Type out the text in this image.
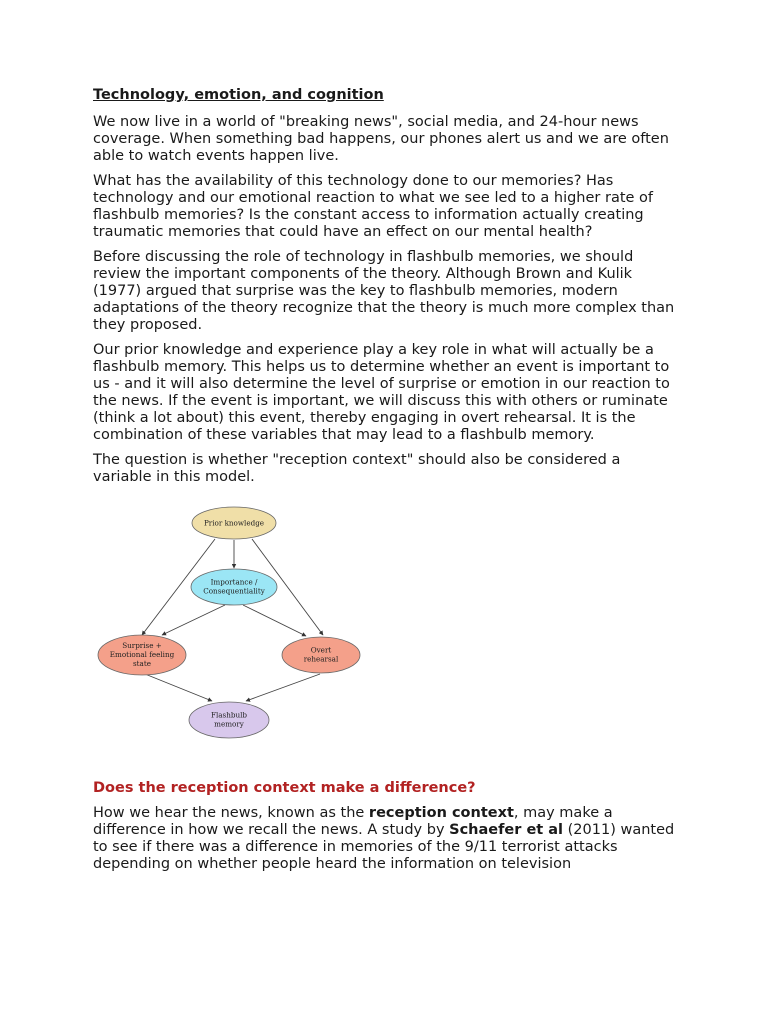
Technology, emotion, and cognition

We now live in a world of "breaking news", social media, and 24-hour news coverage. When something bad happens, our phones alert us and we are often able to watch events happen live.

What has the availability of this technology done to our memories? Has technology and our emotional reaction to what we see led to a higher rate of flashbulb memories? Is the constant access to information actually creating traumatic memories that could have an effect on our mental health?

Before discussing the role of technology in flashbulb memories, we should review the important components of the theory. Although Brown and Kulik (1977) argued that surprise was the key to flashbulb memories, modern adaptations of the theory recognize that the theory is much more complex than they proposed.

Our prior knowledge and experience play a key role in what will actually be a flashbulb memory. This helps us to determine whether an event is important to us - and it will also determine the level of surprise or emotion in our reaction to the news. If the event is important, we will discuss this with others or ruminate (think a lot about) this event, thereby engaging in overt rehearsal. It is the combination of these variables that may lead to a flashbulb memory.

The question is whether "reception context" should also be considered a variable in this model.

Prior knowledge
Importance /
Consequentiality
Surprise +
Emotional feeling
state
Overt
rehearsal
Flashbulb
memory
Does the reception context make a difference?

How we hear the news, known as the reception context, may make a difference in how we recall the news. A study by Schaefer et al (2011) wanted to see if there was a difference in memories of the 9/11 terrorist attacks depending on whether people heard the information on television
